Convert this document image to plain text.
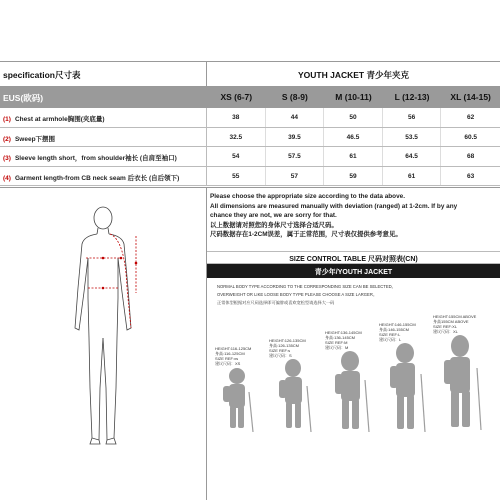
specification尺寸表	YOUTH JACKET 青少年夹克
EUS(欧码)	XS (6-7)	S (8-9)	M (10-11)	L (12-13)	XL (14-15)
(1) Chest at armhole胸围(夹底量)	38	44	50	56	62
(2) Sweep下摆围	32.5	39.5	46.5	53.5	60.5
(3) Sleeve length short，from shoulder袖长 (自肩至袖口)	54	57.5	61	64.5	68
(4) Garment length-from CB neck seam 后衣长 (自后领下)	55	57	59	61	63
Please choose the appropriate size according to the data above.
All dimensions are measured manually with deviation (ranged) at 1-2cm. If by any
chance they are not, we are sorry for that.
以上数据请对照您的身体尺寸选择合适尺码。
尺码数据存在1-2CM误差，属于正常范围，尺寸表仅提供参考意见。
SIZE CONTROL TABLE 尺码对照表(CN)
青少年/YOUTH JACKET
NORMAL BODY TYPE ACCORDING TO THE CORRESPONDING SIZE CAN BE SELECTED。
OVERWEIGHT OR LIKE LOOSE BODY TYPE PLEASE CHOOSE A SIZE LARGER。
正常体型根据对应尺码选择即可偏胖或喜欢宽松型请选择大一码
HEIGHT:116-125CM
身高:116-125CM
SIZE REF:xs
建议尺码：XS
HEIGHT:126-135CM
身高:126-135CM
SIZE REF:s
建议尺码：S
HEIGHT:136-145CM
身高:136-145CM
SIZE REF:M
建议尺码：M
HEIGHT:146-155CM
身高:146-155CM
SIZE REF:L
建议尺码：L
HEIGHT:155CM ABOVE
身高155CM ABOVE
SIZE REF:XL
建议尺码：XL
